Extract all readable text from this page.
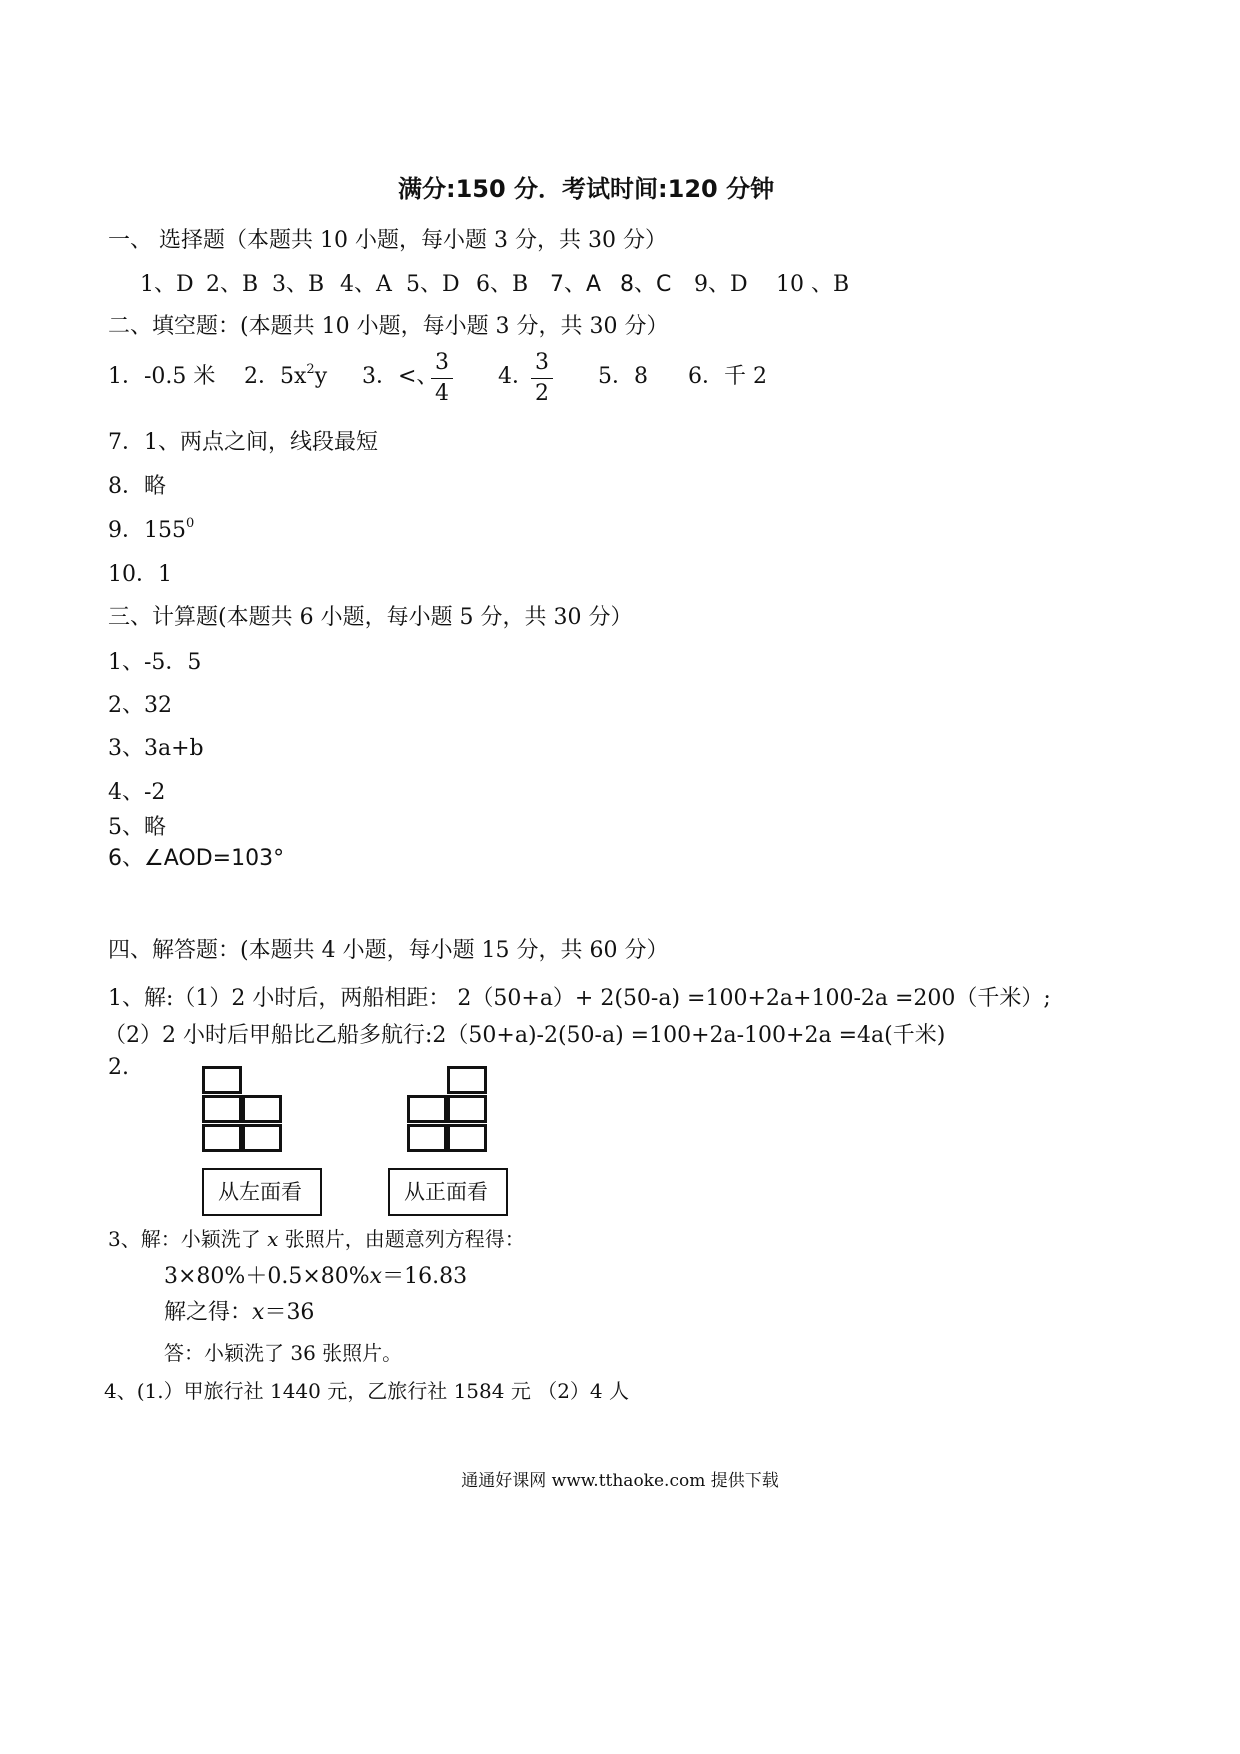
满分:150 分．考试时间:120 分钟
一、 选择题（本题共 10 小题，每小题 3 分，共 30 分）
1、D 2、B 3、B 4、A 5、D 6、B 7、A 8、C 9、D 10 、B
二、填空题：(本题共 10 小题，每小题 3 分，共 30 分）
1．-0.5 米 2．$5x^2y$ 3．<、
3
4
4．
3
2
5．8 6．千 2
7．1、两点之间，线段最短
8．略
9．$155^0$
10．1
三、计算题(本题共 6 小题，每小题 5 分，共 30 分）
1、-5．5
2、32
3、3a+b
4、-2
5、略
6、∠AOD=103°
四、解答题：(本题共 4 小题，每小题 15 分，共 60 分）
1、解:（1）2 小时后，两船相距： 2（50+a）+ 2(50-a) =100+2a+100-2a =200（千米）;
（2）2 小时后甲船比乙船多航行:2（50+a)-2(50-a) =100+2a-100+2a =4a(千米)
2.
从左面看	从正面看
3、解：小颖洗了 x 张照片，由题意列方程得：
3×80%＋0.5×80%x＝16.83
解之得：x＝36
答：小颖洗了 36 张照片。
4、(1.）甲旅行社 1440 元，乙旅行社 1584 元 （2）4 人
通通好课网 www.tthaoke.com 提供下载
